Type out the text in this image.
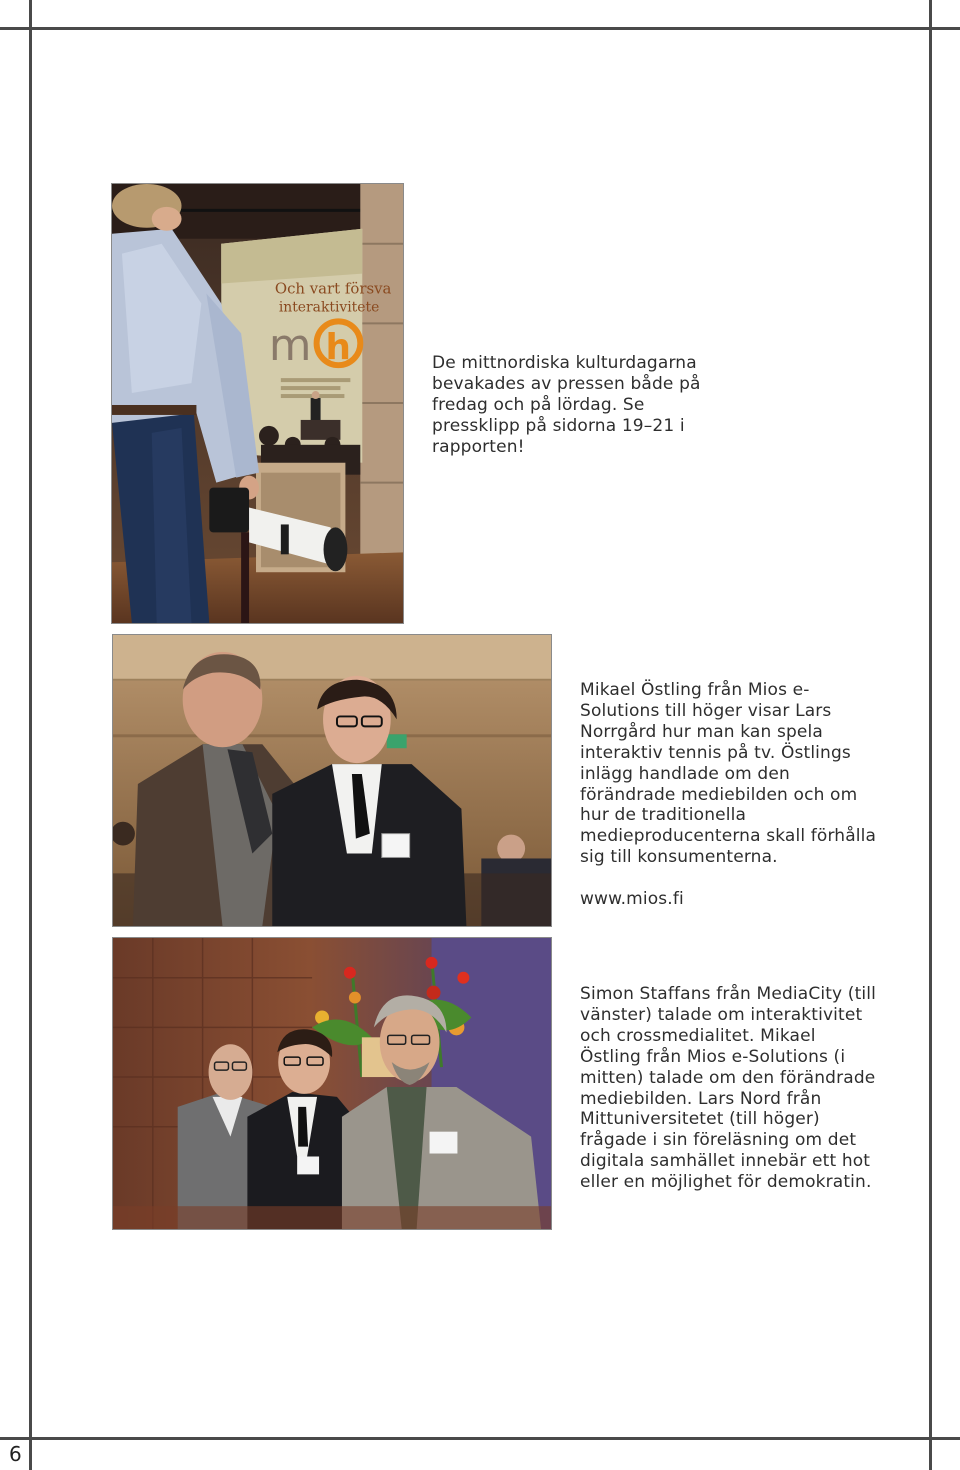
Och vart försva
interaktivitete
m h	De mittnordiska kulturdagarna bevakades av pressen både på fredag och på lördag. Se pressklipp på sidorna 19–21 i rapporten!
Mikael Östling från Mios e-Solutions till höger visar Lars Norrgård hur man kan spela interaktiv tennis på tv. Östlings inlägg handlade om den förändrade mediebilden och om hur de traditionella medieproducenterna skall förhålla sig till konsumenterna.
www.mios.fi
Simon Staffans från MediaCity (till vänster) talade om interaktivitet och crossmedialitet. Mikael Östling från Mios e-Solutions (i mitten) talade om den förändrade mediebilden. Lars Nord från Mittuniversitetet (till höger) frågade i sin föreläsning om det digitala samhället innebär ett hot eller en möjlighet för demokratin.
6
